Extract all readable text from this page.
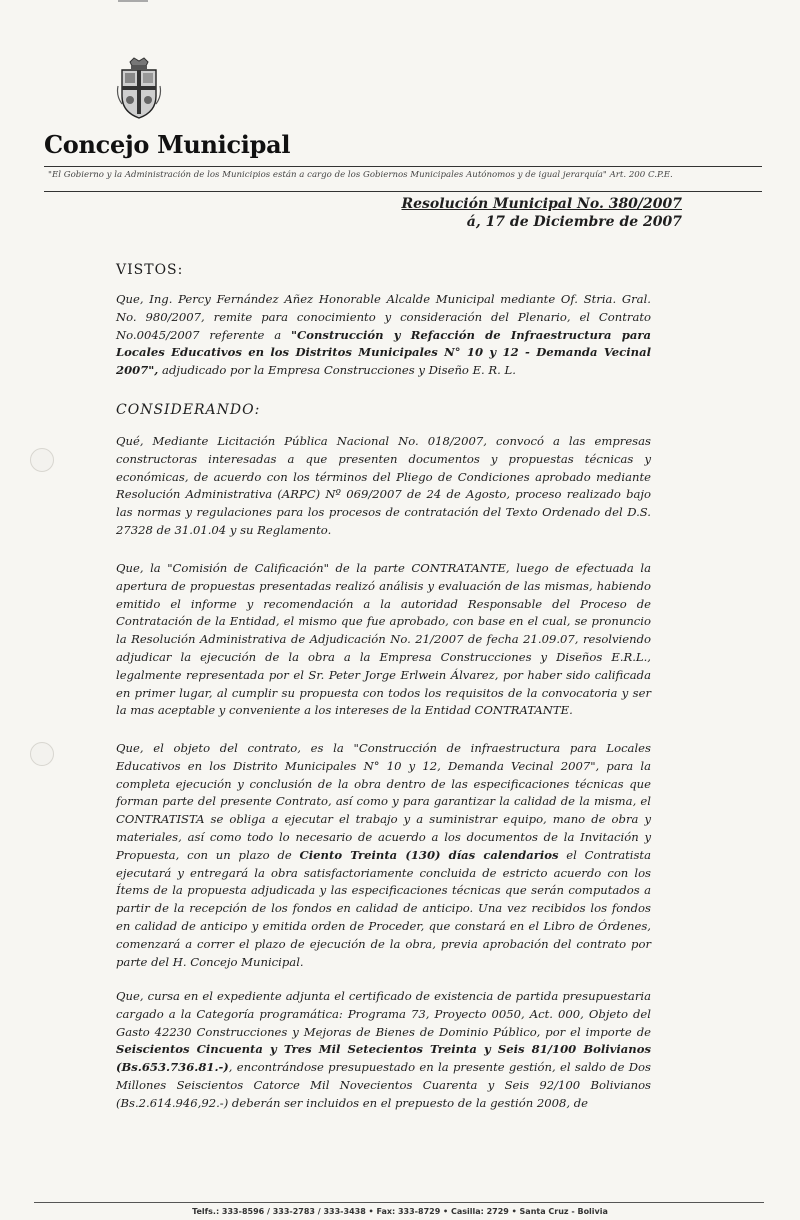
Concejo Municipal
"El Gobierno y la Administración de los Municipios están a cargo de los Gobiernos Municipales Autónomos y de igual jerarquía" Art. 200 C.P.E.
Resolución Municipal No. 380/2007
á, 17 de Diciembre de 2007
VISTOS:

Que, Ing. Percy Fernández Añez Honorable Alcalde Municipal mediante Of. Stria. Gral. No. 980/2007, remite para conocimiento y consideración del Plenario, el Contrato No.0045/2007 referente a "Construcción y Refacción de Infraestructura para Locales Educativos en los Distritos Municipales N° 10 y 12 - Demanda Vecinal 2007", adjudicado por la Empresa Construcciones y Diseño E. R. L.

CONSIDERANDO:

Qué, Mediante Licitación Pública Nacional No. 018/2007, convocó a las empresas constructoras interesadas a que presenten documentos y propuestas técnicas y económicas, de acuerdo con los términos del Pliego de Condiciones aprobado mediante Resolución Administrativa (ARPC) Nº 069/2007 de 24 de Agosto, proceso realizado bajo las normas y regulaciones para los procesos de contratación del Texto Ordenado del D.S. 27328 de 31.01.04 y su Reglamento.

Que, la "Comisión de Calificación" de la parte CONTRATANTE, luego de efectuada la apertura de propuestas presentadas realizó análisis y evaluación de las mismas, habiendo emitido el informe y recomendación a la autoridad Responsable del Proceso de Contratación de la Entidad, el mismo que fue aprobado, con base en el cual, se pronuncio la Resolución Administrativa de Adjudicación No. 21/2007 de fecha 21.09.07, resolviendo adjudicar la ejecución de la obra a la Empresa Construcciones y Diseños E.R.L., legalmente representada por el Sr. Peter Jorge Erlwein Álvarez, por haber sido calificada en primer lugar, al cumplir su propuesta con todos los requisitos de la convocatoria y ser la mas aceptable y conveniente a los intereses de la Entidad CONTRATANTE.

Que, el objeto del contrato, es la "Construcción de infraestructura para Locales Educativos en los Distrito Municipales N° 10 y 12, Demanda Vecinal 2007", para la completa ejecución y conclusión de la obra dentro de las especificaciones técnicas que forman parte del presente Contrato, así como y para garantizar la calidad de la misma, el CONTRATISTA se obliga a ejecutar el trabajo y a suministrar equipo, mano de obra y materiales, así como todo lo necesario de acuerdo a los documentos de la Invitación y Propuesta, con un plazo de Ciento Treinta (130) días calendarios el Contratista ejecutará y entregará la obra satisfactoriamente concluida de estricto acuerdo con los Ítems de la propuesta adjudicada y las especificaciones técnicas que serán computados a partir de la recepción de los fondos en calidad de anticipo. Una vez recibidos los fondos en calidad de anticipo y emitida orden de Proceder, que constará en el Libro de Órdenes, comenzará a correr el plazo de ejecución de la obra, previa aprobación del contrato por parte del H. Concejo Municipal.

Que, cursa en el expediente adjunta el certificado de existencia de partida presupuestaria cargado a la Categoría programática: Programa 73, Proyecto 0050, Act. 000, Objeto del Gasto 42230 Construcciones y Mejoras de Bienes de Dominio Público, por el importe de Seiscientos Cincuenta y Tres Mil Setecientos Treinta y Seis 81/100 Bolivianos (Bs.653.736.81.-), encontrándose presupuestado en la presente gestión, el saldo de Dos Millones Seiscientos Catorce Mil Novecientos Cuarenta y Seis 92/100 Bolivianos (Bs.2.614.946,92.-) deberán ser incluidos en el prepuesto de la gestión 2008, de

Telfs.: 333-8596 / 333-2783 / 333-3438 • Fax: 333-8729 • Casilla: 2729 • Santa Cruz - Bolivia
